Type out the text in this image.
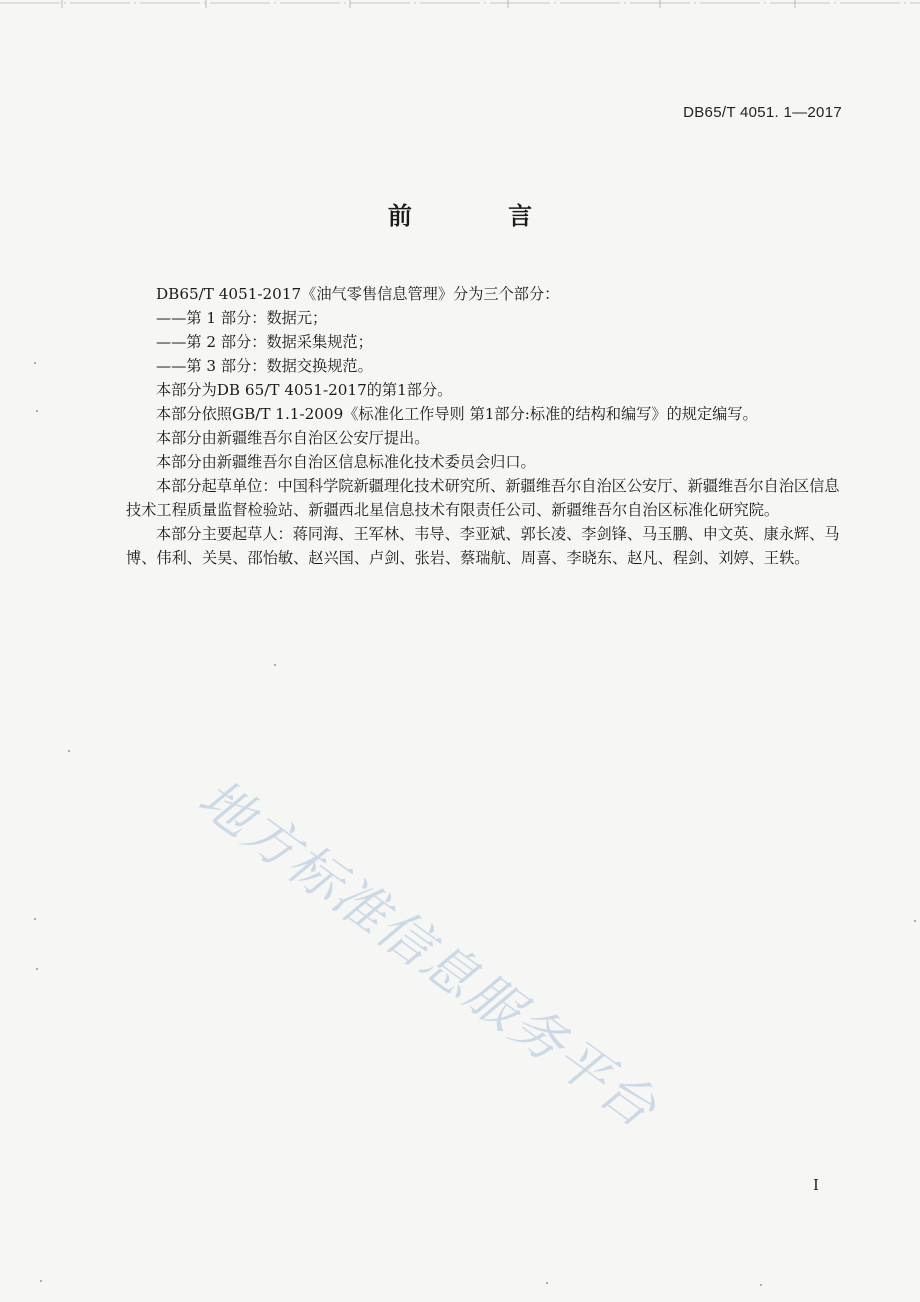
DB65/T 4051. 1—2017
前 言

DB65/T 4051-2017《油气零售信息管理》分为三个部分：

——第 1 部分：数据元；

——第 2 部分：数据采集规范；

——第 3 部分：数据交换规范。

本部分为DB 65/T 4051-2017的第1部分。

本部分依照GB/T 1.1-2009《标准化工作导则 第1部分:标准的结构和编写》的规定编写。

本部分由新疆维吾尔自治区公安厅提出。

本部分由新疆维吾尔自治区信息标准化技术委员会归口。

本部分起草单位：中国科学院新疆理化技术研究所、新疆维吾尔自治区公安厅、新疆维吾尔自治区信息技术工程质量监督检验站、新疆西北星信息技术有限责任公司、新疆维吾尔自治区标准化研究院。

本部分主要起草人：蒋同海、王军林、韦导、李亚斌、郭长凌、李剑锋、马玉鹏、申文英、康永辉、马博、伟利、关昊、邵怡敏、赵兴国、卢剑、张岩、蔡瑞航、周喜、李晓东、赵凡、程剑、刘婷、王轶。

地方标准信息服务平台
I
